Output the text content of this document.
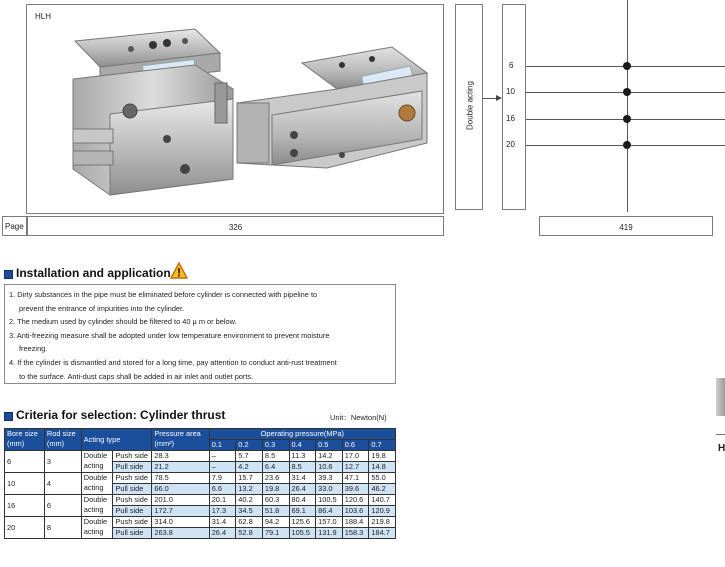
HLH
Double acting
6
10
16
20
Page	326	419
Installation and application
1. Dirty substances in the pipe must be eliminated before cylinder is connected with pipeline to
prevent the entrance of impurities into the cylinder.
2. The medium used by cylinder should be filtered to 40 μ m or below.
3. Anti-freezing measure shall be adopted under low temperature environment to prevent moisture
freezing.
4. If the cylinder is dismantled and stored for a long time, pay attention to conduct anti-rust treatment
to the surface. Anti-dust caps shall be added in air inlet and outlet ports.
Criteria for selection: Cylinder thrust	Unit：Newton(N)
Bore size (mm)	Rod size (mm)	Acting type		Pressure area (mm²)	Operating pressure(MPa)						
					0.1	0.2	0.3	0.4	0.5	0.6	0.7
6	3	Double acting	Push side	28.3	–	5.7	8.5	11.3	14.2	17.0	19.8
			Pull side	21.2	–	4.2	6.4	8.5	10.6	12.7	14.8
10	4	Double acting	Push side	78.5	7.9	15.7	23.6	31.4	39.3	47.1	55.0
			Pull side	66.0	6.6	13.2	19.8	26.4	33.0	39.6	46.2
16	6	Double acting	Push side	201.0	20.1	40.2	60.3	80.4	100.5	120.6	140.7
			Pull side	172.7	17.3	34.5	51.8	69.1	86.4	103.6	120.9
20	8	Double acting	Push side	314.0	31.4	62.8	94.2	125.6	157.0	188.4	219.8
			Pull side	263.8	26.4	52.8	79.1	105.5	131.9	158.3	184.7
H
